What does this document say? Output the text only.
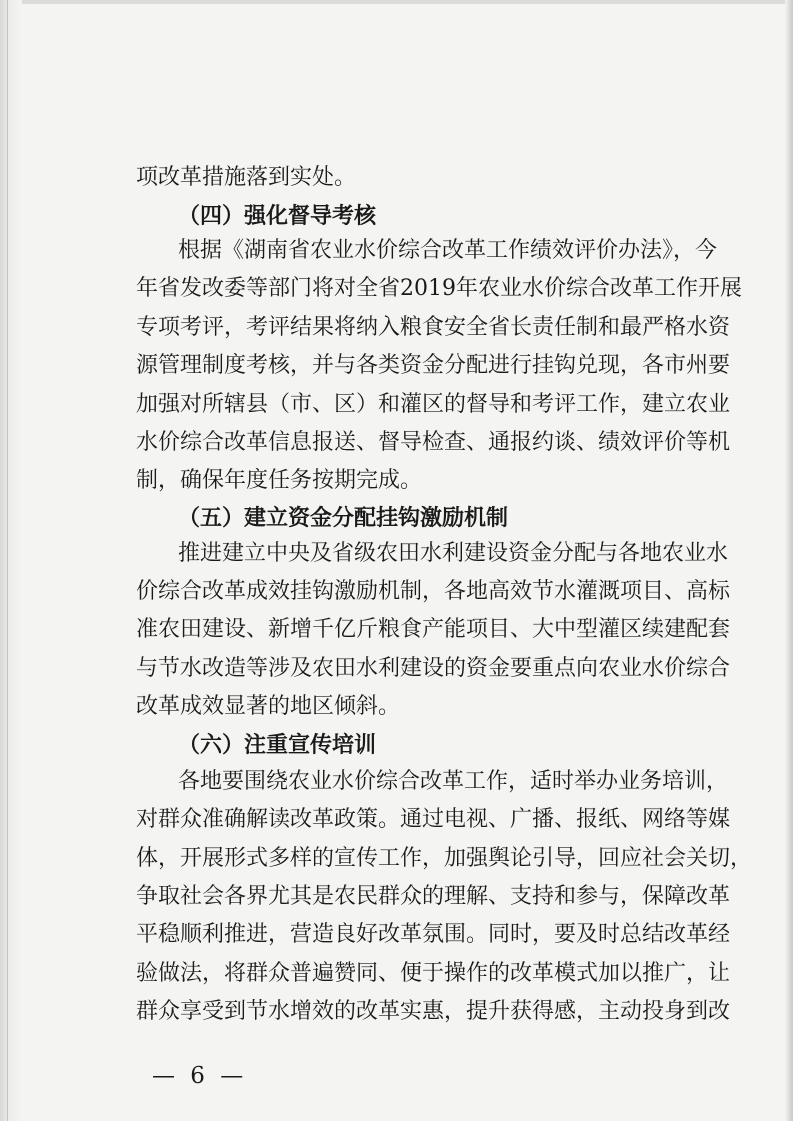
项改革措施落到实处。
（四）强化督导考核
根据《湖南省农业水价综合改革工作绩效评价办法》，今
年省发改委等部门将对全省2019年农业水价综合改革工作开展
专项考评，考评结果将纳入粮食安全省长责任制和最严格水资
源管理制度考核，并与各类资金分配进行挂钩兑现，各市州要
加强对所辖县（市、区）和灌区的督导和考评工作，建立农业
水价综合改革信息报送、督导检查、通报约谈、绩效评价等机
制，确保年度任务按期完成。
（五）建立资金分配挂钩激励机制
推进建立中央及省级农田水利建设资金分配与各地农业水
价综合改革成效挂钩激励机制，各地高效节水灌溉项目、高标
准农田建设、新增千亿斤粮食产能项目、大中型灌区续建配套
与节水改造等涉及农田水利建设的资金要重点向农业水价综合
改革成效显著的地区倾斜。
（六）注重宣传培训
各地要围绕农业水价综合改革工作，适时举办业务培训，
对群众准确解读改革政策。通过电视、广播、报纸、网络等媒
体，开展形式多样的宣传工作，加强舆论引导，回应社会关切，
争取社会各界尤其是农民群众的理解、支持和参与，保障改革
平稳顺利推进，营造良好改革氛围。同时，要及时总结改革经
验做法，将群众普遍赞同、便于操作的改革模式加以推广，让
群众享受到节水增效的改革实惠，提升获得感，主动投身到改
— 6 —
